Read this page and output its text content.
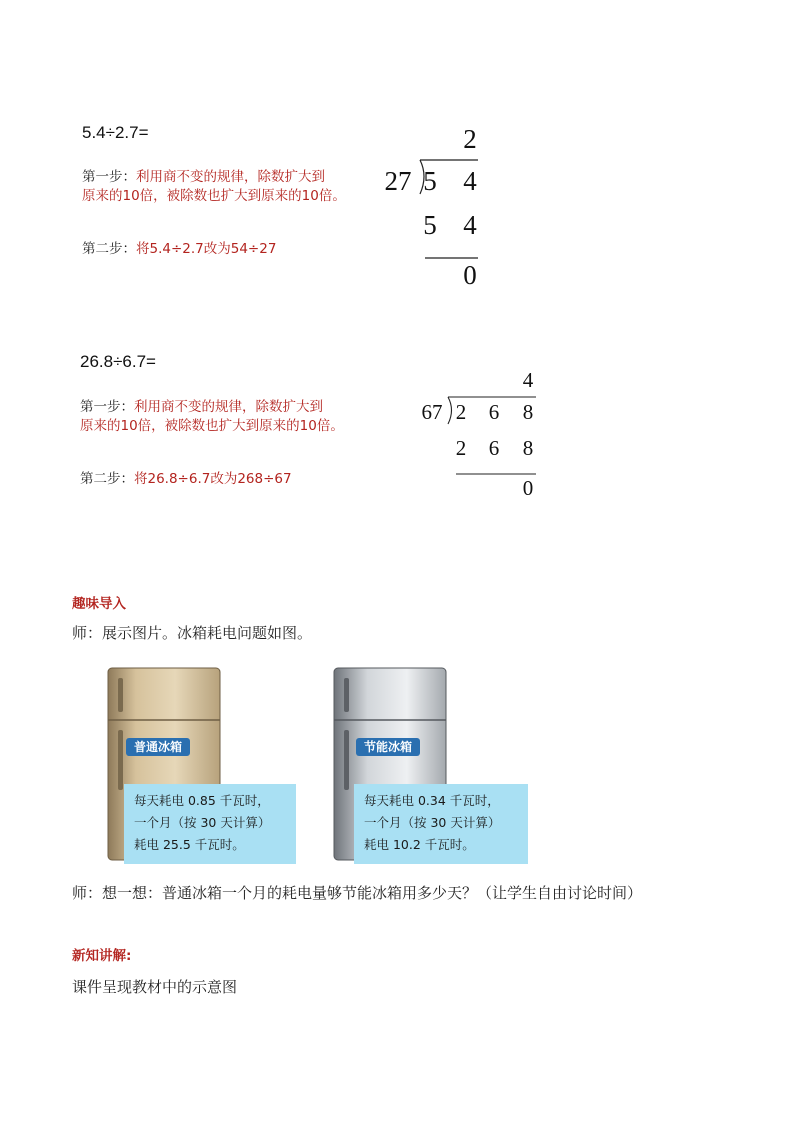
5.4÷2.7=
第一步：利用商不变的规律，除数扩大到
原来的10倍，被除数也扩大到原来的10倍。
第二步：将5.4÷2.7改为54÷27
2
27 5 4
5 4
0
26.8÷6.7=
第一步：利用商不变的规律，除数扩大到
原来的10倍，被除数也扩大到原来的10倍。
第二步：将26.8÷6.7改为268÷67
4
67 2 6 8
2 6 8
0
趣味导入
师：展示图片。冰箱耗电问题如图。
普通冰箱
每天耗电 0.85 千瓦时，
一个月（按 30 天计算）
耗电 25.5 千瓦时。
节能冰箱
每天耗电 0.34 千瓦时，
一个月（按 30 天计算）
耗电 10.2 千瓦时。
师：想一想：普通冰箱一个月的耗电量够节能冰箱用多少天？（让学生自由讨论时间）
新知讲解:
课件呈现教材中的示意图
